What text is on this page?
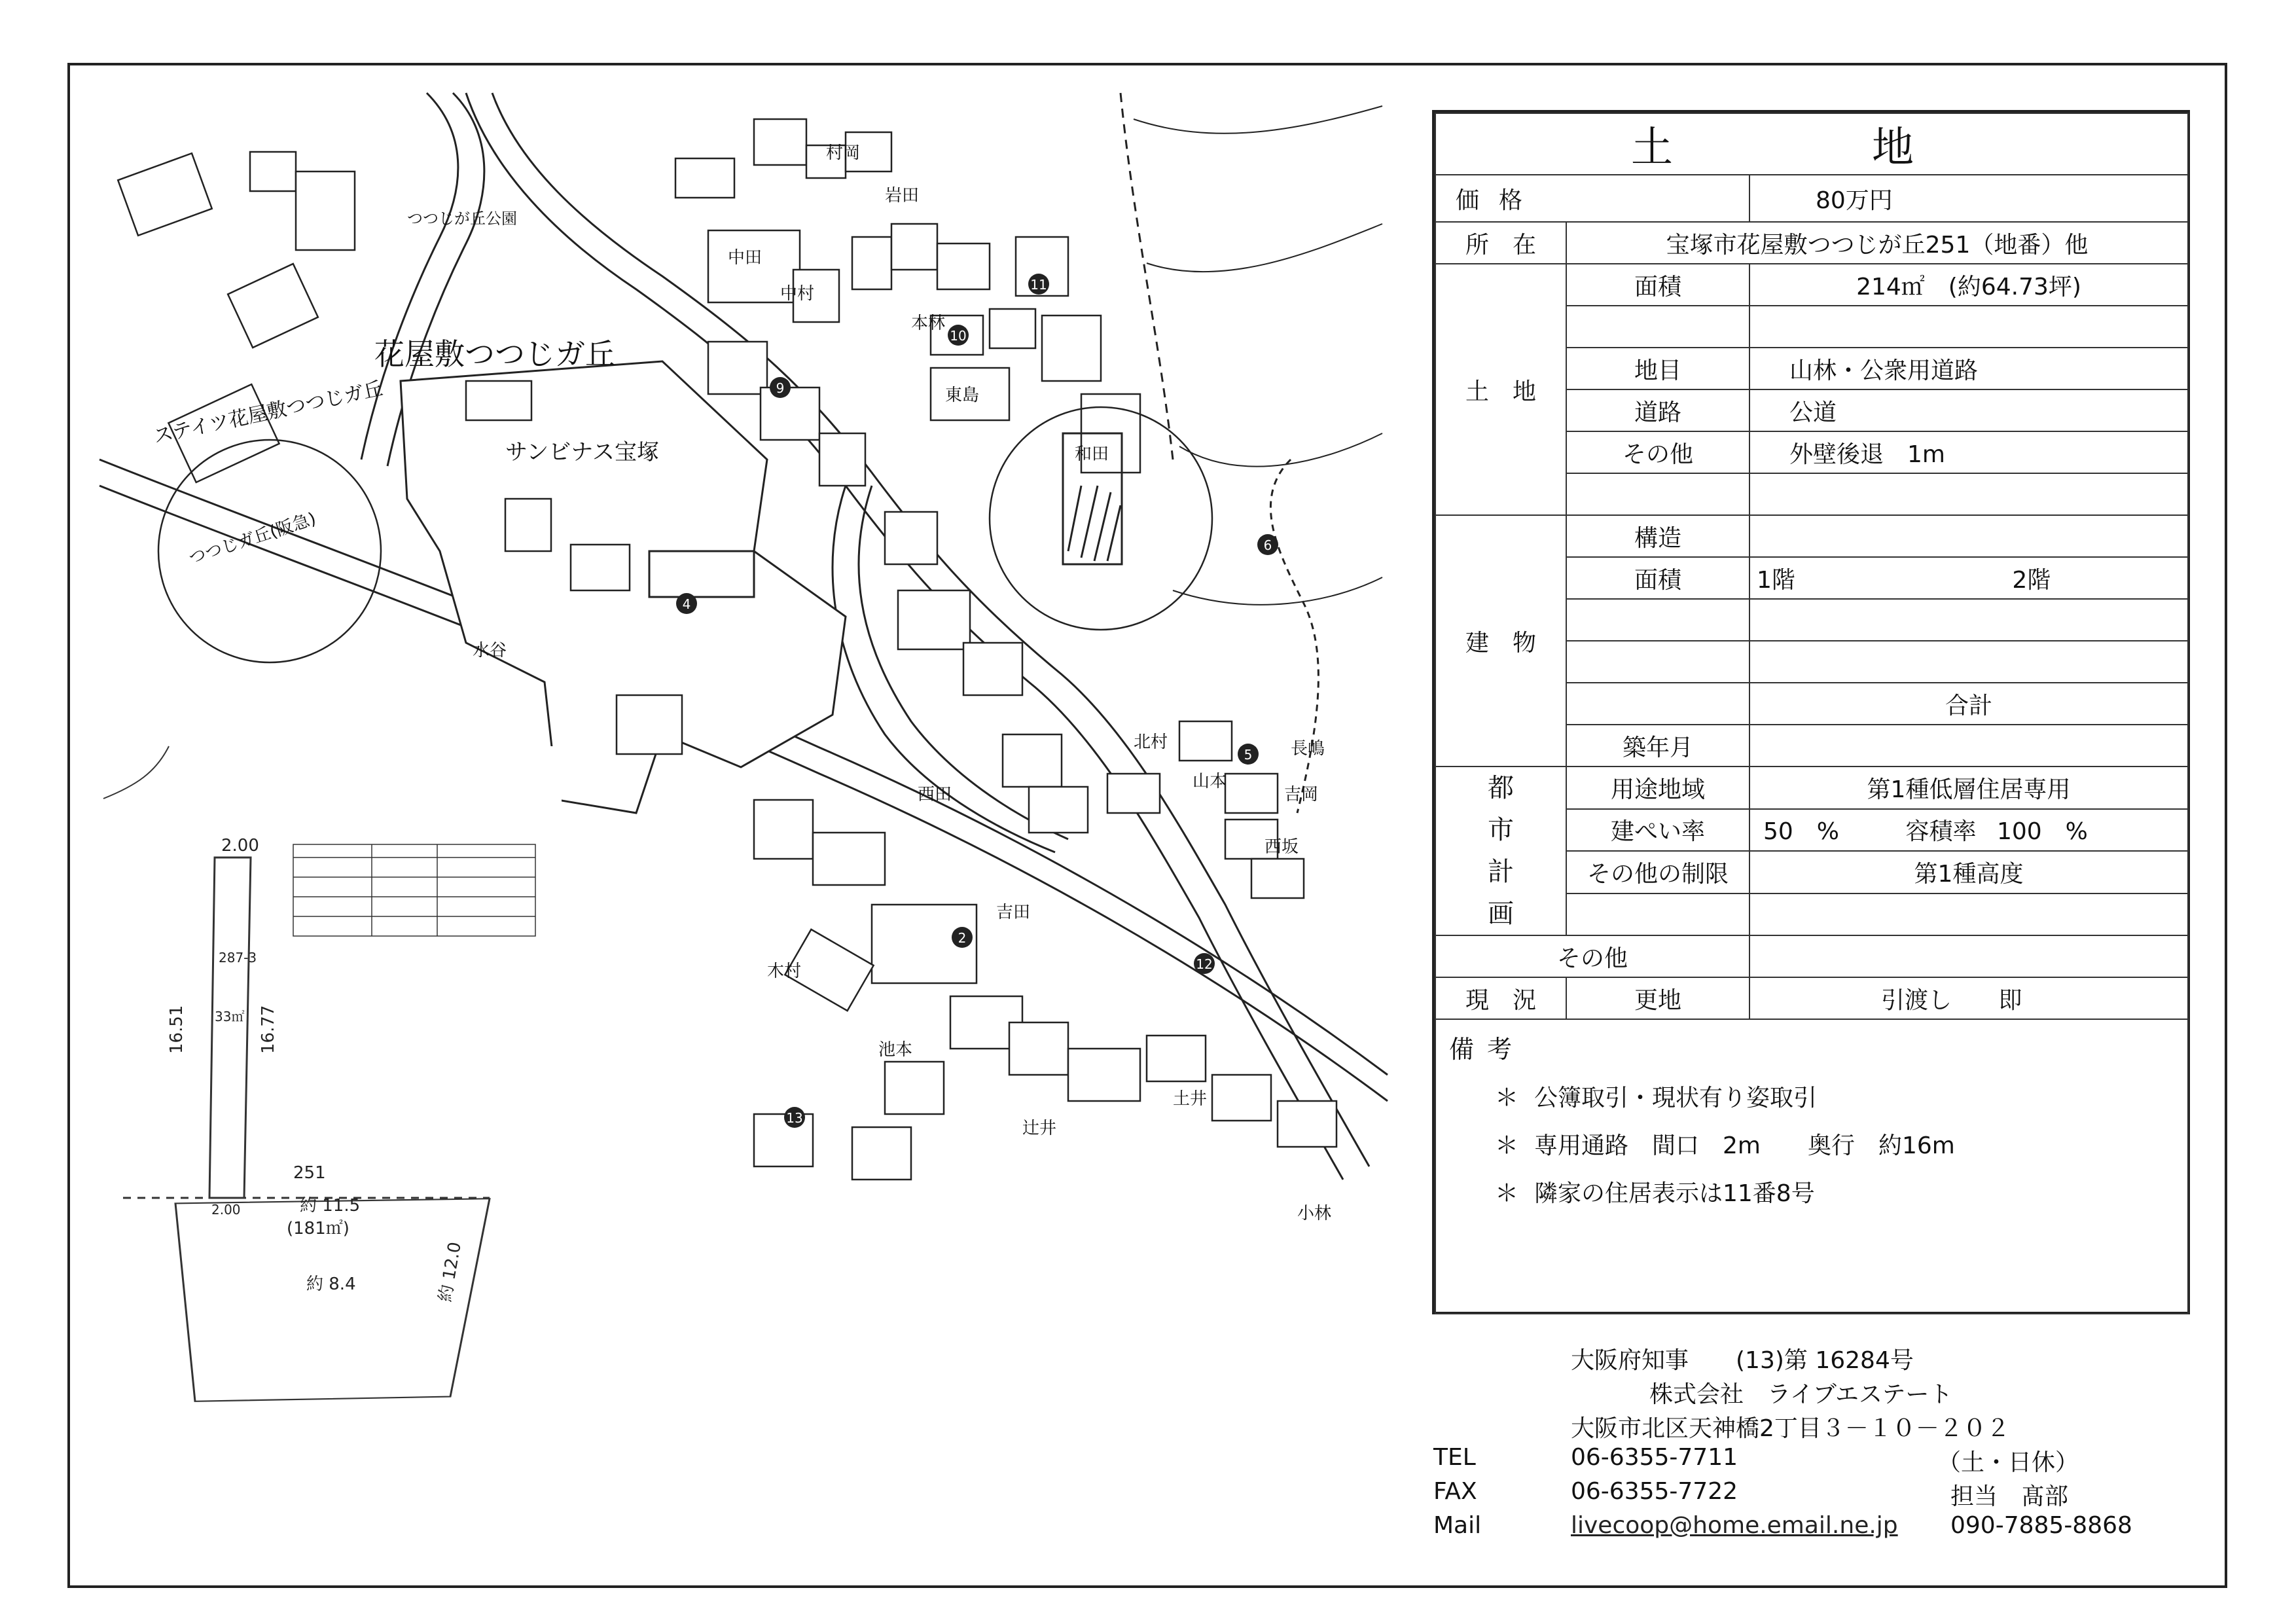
9
6
4
5
12
11
10
2
13
花屋敷つつじガ丘
サンビナス宝塚
ステイツ花屋敷つつじガ丘
つつじガ丘(阪急)
つつじが丘公園
中田
和田
東島
本林
西田
吉田
木村
池本
水谷
山本
北村
吉岡
西坂
土井
小林
村岡
岩田
中村
辻井
長嶋
2.00
16.51	16.77
287-3
33㎡
約 11.5
約 12.0
約 8.4
251
(181㎡)
2.00
土　地		
価格		80万円
所　在	宝塚市花屋敷つつじが丘251（地番）他	
土　地	面積	214㎡　(約64.73坪)

	地目	山林・公衆用道路
	道路	公道
	その他	外壁後退　1m

建　物	構造	
	面積	1階 2階

		合計
	築年月	
都市計画	用途地域	第1種低層住居専用
	建ぺい率	50　% 容積率 100　%
	その他の制限	第1種高度

その他		
現　況	更地	引渡し 即

備考
＊ 公簿取引・現状有り姿取引
＊ 専用通路　間口　2m　　奥行　約16m
＊ 隣家の住居表示は11番8号		
大阪府知事　　(13)第 16284号
株式会社　ライブエステート
大阪市北区天神橋2丁目３－１０－２０２
TEL	06-6355-7711	（土・日休）
FAX	06-6355-7722	担当　髙部
Mail	livecoop@home.email.ne.jp 090-7885-8868
